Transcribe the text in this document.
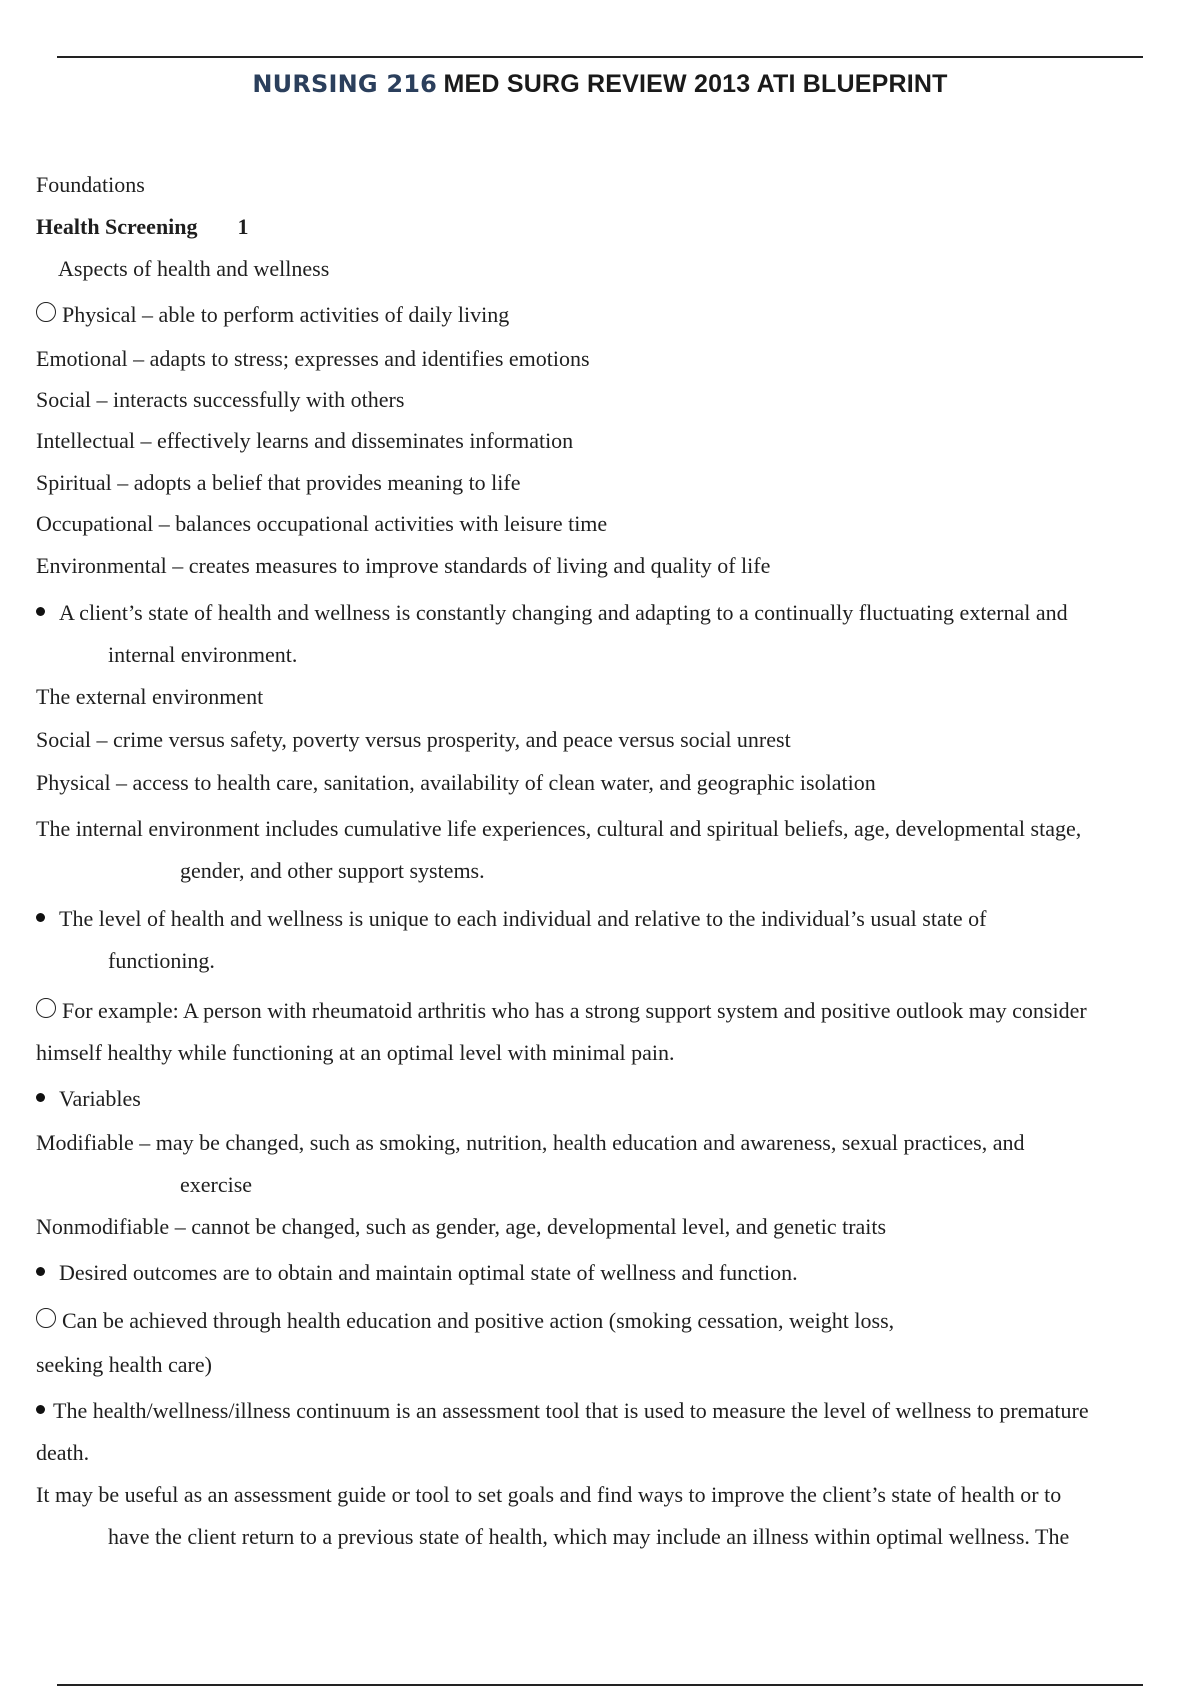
NURSING 216 MED SURG REVIEW 2013 ATI BLUEPRINT
Foundations
Health Screening 1
Aspects of health and wellness
Physical – able to perform activities of daily living
Emotional – adapts to stress; expresses and identifies emotions
Social – interacts successfully with others
Intellectual – effectively learns and disseminates information
Spiritual – adopts a belief that provides meaning to life
Occupational – balances occupational activities with leisure time
Environmental – creates measures to improve standards of living and quality of life
A client’s state of health and wellness is constantly changing and adapting to a continually fluctuating external and
internal environment.
The external environment
Social – crime versus safety, poverty versus prosperity, and peace versus social unrest
Physical – access to health care, sanitation, availability of clean water, and geographic isolation
The internal environment includes cumulative life experiences, cultural and spiritual beliefs, age, developmental stage,
gender, and other support systems.
The level of health and wellness is unique to each individual and relative to the individual’s usual state of
functioning.
For example: A person with rheumatoid arthritis who has a strong support system and positive outlook may consider
himself healthy while functioning at an optimal level with minimal pain.
Variables
Modifiable – may be changed, such as smoking, nutrition, health education and awareness, sexual practices, and
exercise
Nonmodifiable – cannot be changed, such as gender, age, developmental level, and genetic traits
Desired outcomes are to obtain and maintain optimal state of wellness and function.
Can be achieved through health education and positive action (smoking cessation, weight loss,
seeking health care)
The health/wellness/illness continuum is an assessment tool that is used to measure the level of wellness to premature
death.
It may be useful as an assessment guide or tool to set goals and find ways to improve the client’s state of health or to
have the client return to a previous state of health, which may include an illness within optimal wellness. The
